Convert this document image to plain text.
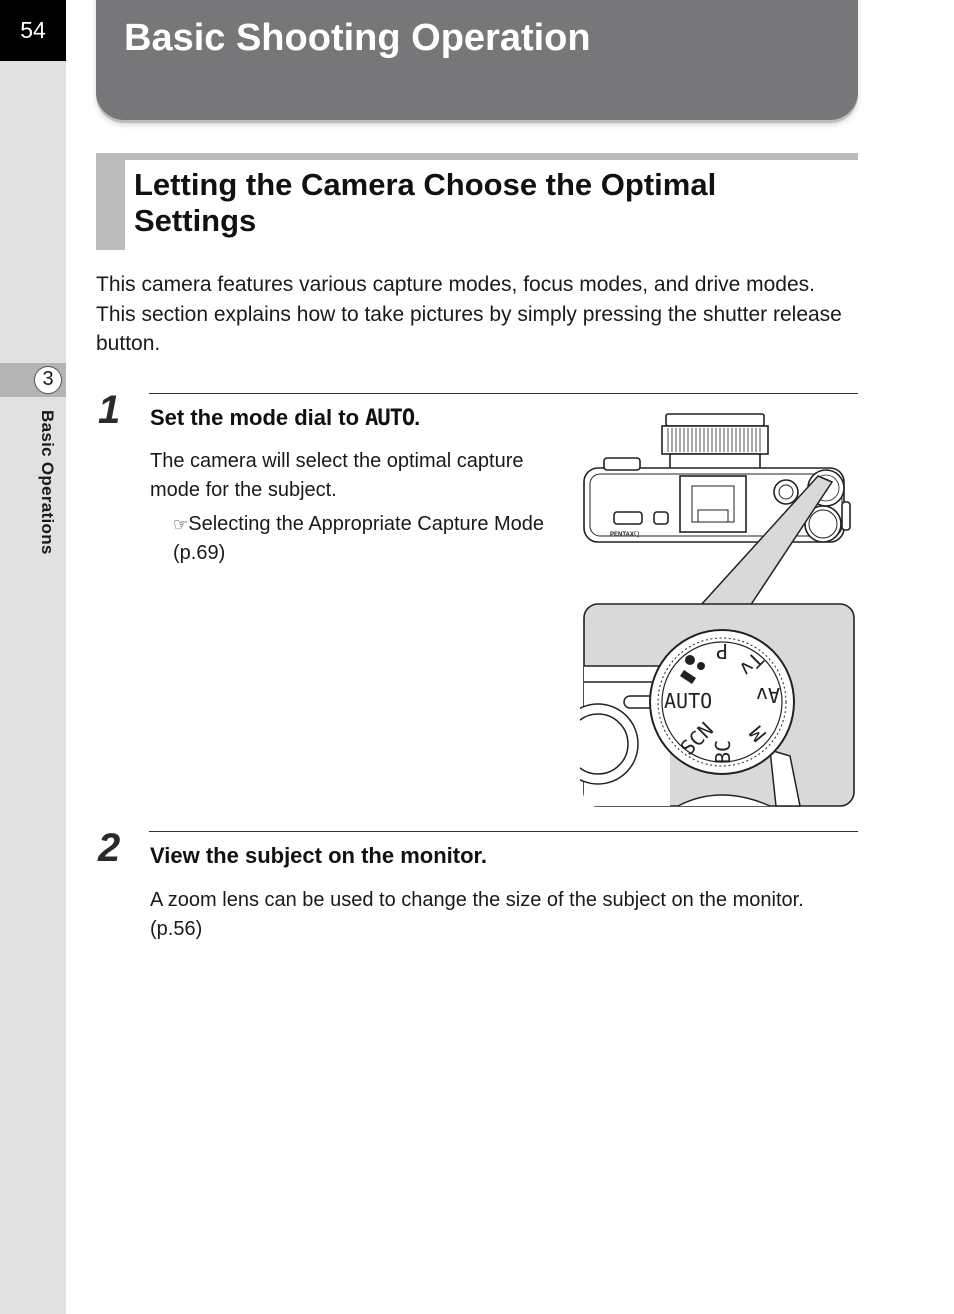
54
3
Basic Operations
Basic Shooting Operation
Letting the Camera Choose the Optimal Settings
This camera features various capture modes, focus modes, and drive modes. This section explains how to take pictures by simply pressing the shutter release button.
1 Set the mode dial to AUTO.
The camera will select the optimal capture mode for the subject.
☞Selecting the Appropriate Capture Mode (p.69)
PENTAX Q
P Tv
Av
M
BC
SCN
AUTO
2 View the subject on the monitor.
A zoom lens can be used to change the size of the subject on the monitor. (p.56)
